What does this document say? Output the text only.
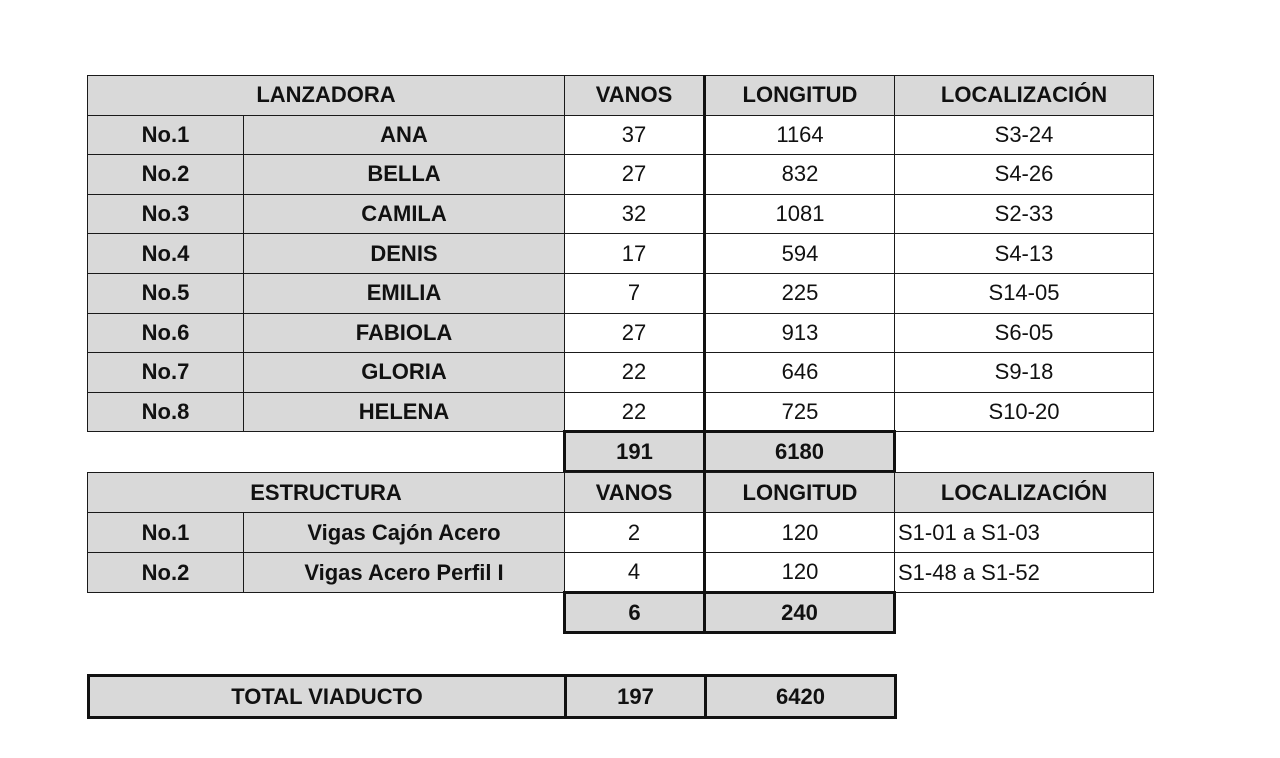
LANZADORA		VANOS	LONGITUD	LOCALIZACIÓN
No.1	ANA	37	1164	S3-24
No.2	BELLA	27	832	S4-26
No.3	CAMILA	32	1081	S2-33
No.4	DENIS	17	594	S4-13
No.5	EMILIA	7	225	S14-05
No.6	FABIOLA	27	913	S6-05
No.7	GLORIA	22	646	S9-18
No.8	HELENA	22	725	S10-20
		191	6180	
ESTRUCTURA		VANOS	LONGITUD	LOCALIZACIÓN
No.1	Vigas Cajón Acero	2	120	S1-01 a S1-03
No.2	Vigas Acero Perfil I	4	120	S1-48 a S1-52
		6	240	
TOTAL VIADUCTO	197	6420
